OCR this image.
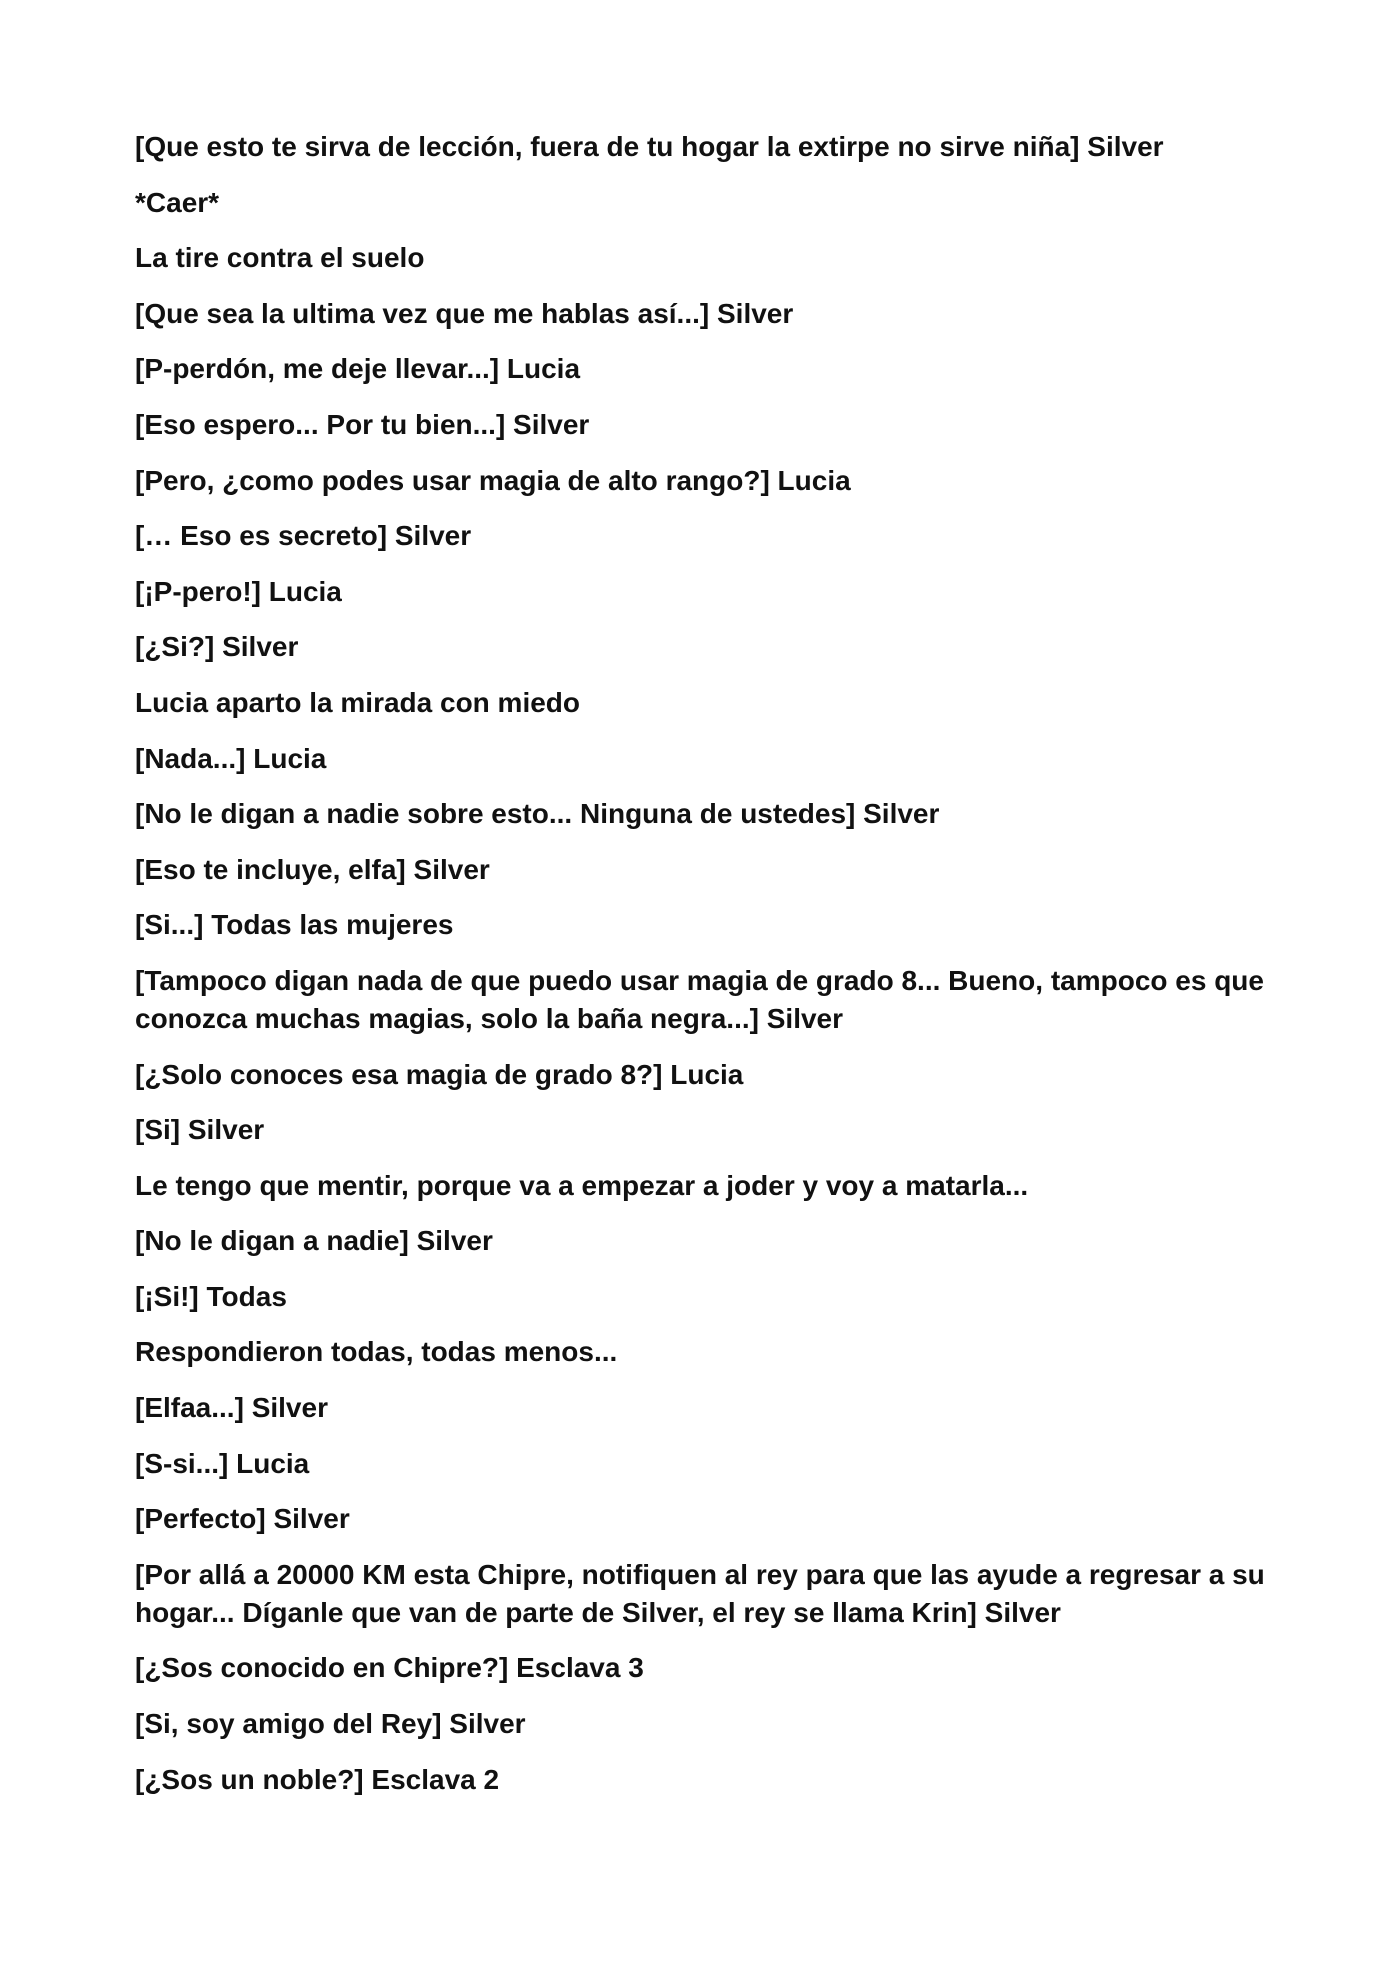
[Que esto te sirva de lección, fuera de tu hogar la extirpe no sirve niña] Silver
*Caer*
La tire contra el suelo
[Que sea la ultima vez que me hablas así...] Silver
[P-perdón, me deje llevar...] Lucia
[Eso espero... Por tu bien...] Silver
[Pero, ¿como podes usar magia de alto rango?] Lucia
[… Eso es secreto] Silver
[¡P-pero!] Lucia
[¿Si?] Silver
Lucia aparto la mirada con miedo
[Nada...] Lucia
[No le digan a nadie sobre esto... Ninguna de ustedes] Silver
[Eso te incluye, elfa] Silver
[Si...] Todas las mujeres
[Tampoco digan nada de que puedo usar magia de grado 8... Bueno, tampoco es que conozca muchas magias, solo la baña negra...] Silver
[¿Solo conoces esa magia de grado 8?] Lucia
[Si] Silver
Le tengo que mentir, porque va a empezar a joder y voy a matarla...
[No le digan a nadie] Silver
[¡Si!] Todas
Respondieron todas, todas menos...
[Elfaa...] Silver
[S-si...] Lucia
[Perfecto] Silver
[Por allá a 20000 KM esta Chipre, notifiquen al rey para que las ayude a regresar a su hogar... Díganle que van de parte de Silver, el rey se llama Krin] Silver
[¿Sos conocido en Chipre?] Esclava 3
[Si, soy amigo del Rey] Silver
[¿Sos un noble?] Esclava 2
